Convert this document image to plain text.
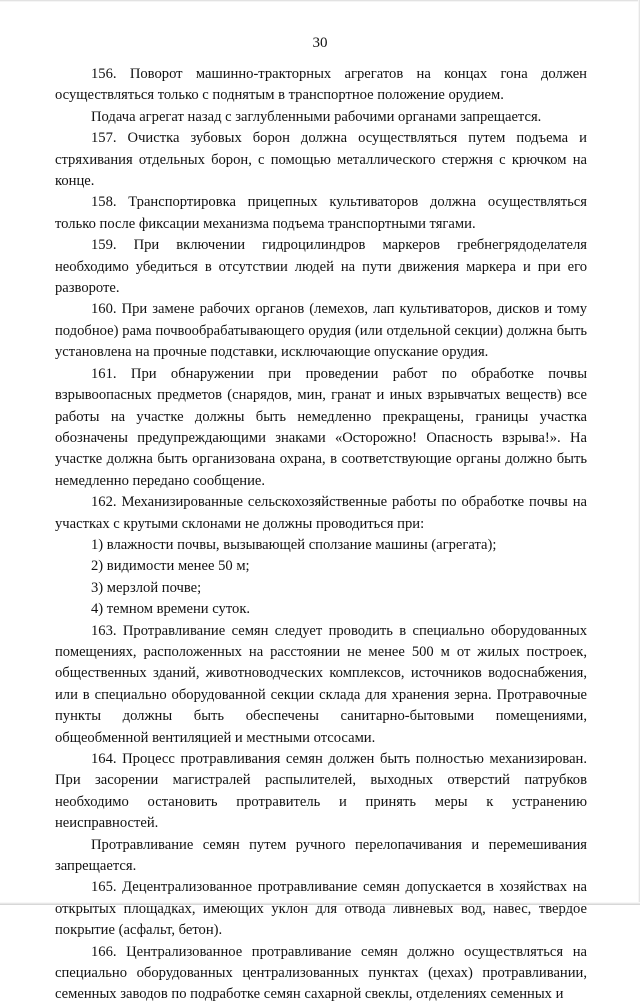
30

156. Поворот машинно-тракторных агрегатов на концах гона должен осуществляться только с поднятым в транспортное положение орудием.

Подача агрегат назад с заглубленными рабочими органами запрещается.

157. Очистка зубовых борон должна осуществляться путем подъема и стряхивания отдельных борон, с помощью металлического стержня с крючком на конце.

158. Транспортировка прицепных культиваторов должна осуществляться только после фиксации механизма подъема транспортными тягами.

159. При включении гидроцилиндров маркеров гребнегрядоделателя необходимо убедиться в отсутствии людей на пути движения маркера и при его развороте.

160. При замене рабочих органов (лемехов, лап культиваторов, дисков и тому подобное) рама почвообрабатывающего орудия (или отдельной секции) должна быть установлена на прочные подставки, исключающие опускание орудия.

161. При обнаружении при проведении работ по обработке почвы взрывоопасных предметов (снарядов, мин, гранат и иных взрывчатых веществ) все работы на участке должны быть немедленно прекращены, границы участка обозначены предупреждающими знаками «Осторожно! Опасность взрыва!». На участке должна быть организована охрана, в соответствующие органы должно быть немедленно передано сообщение.

162. Механизированные сельскохозяйственные работы по обработке почвы на участках с крутыми склонами не должны проводиться при:

1) влажности почвы, вызывающей сползание машины (агрегата);

2) видимости менее 50 м;

3) мерзлой почве;

4) темном времени суток.

163. Протравливание семян следует проводить в специально оборудованных помещениях, расположенных на расстоянии не менее 500 м от жилых построек, общественных зданий, животноводческих комплексов, источников водоснабжения, или в специально оборудованной секции склада для хранения зерна. Протравочные пункты должны быть обеспечены санитарно-бытовыми помещениями, общеобменной вентиляцией и местными отсосами.

164. Процесс протравливания семян должен быть полностью механизирован. При засорении магистралей распылителей, выходных отверстий патрубков необходимо остановить протравитель и принять меры к устранению неисправностей.

Протравливание семян путем ручного перелопачивания и перемешивания запрещается.

165. Децентрализованное протравливание семян допускается в хозяйствах на открытых площадках, имеющих уклон для отвода ливневых вод, навес, твердое покрытие (асфальт, бетон).

166. Централизованное протравливание семян должно осуществляться на специально оборудованных централизованных пунктах (цехах) протравливании, семенных заводов по подработке семян сахарной свеклы, отделениях семенных и
